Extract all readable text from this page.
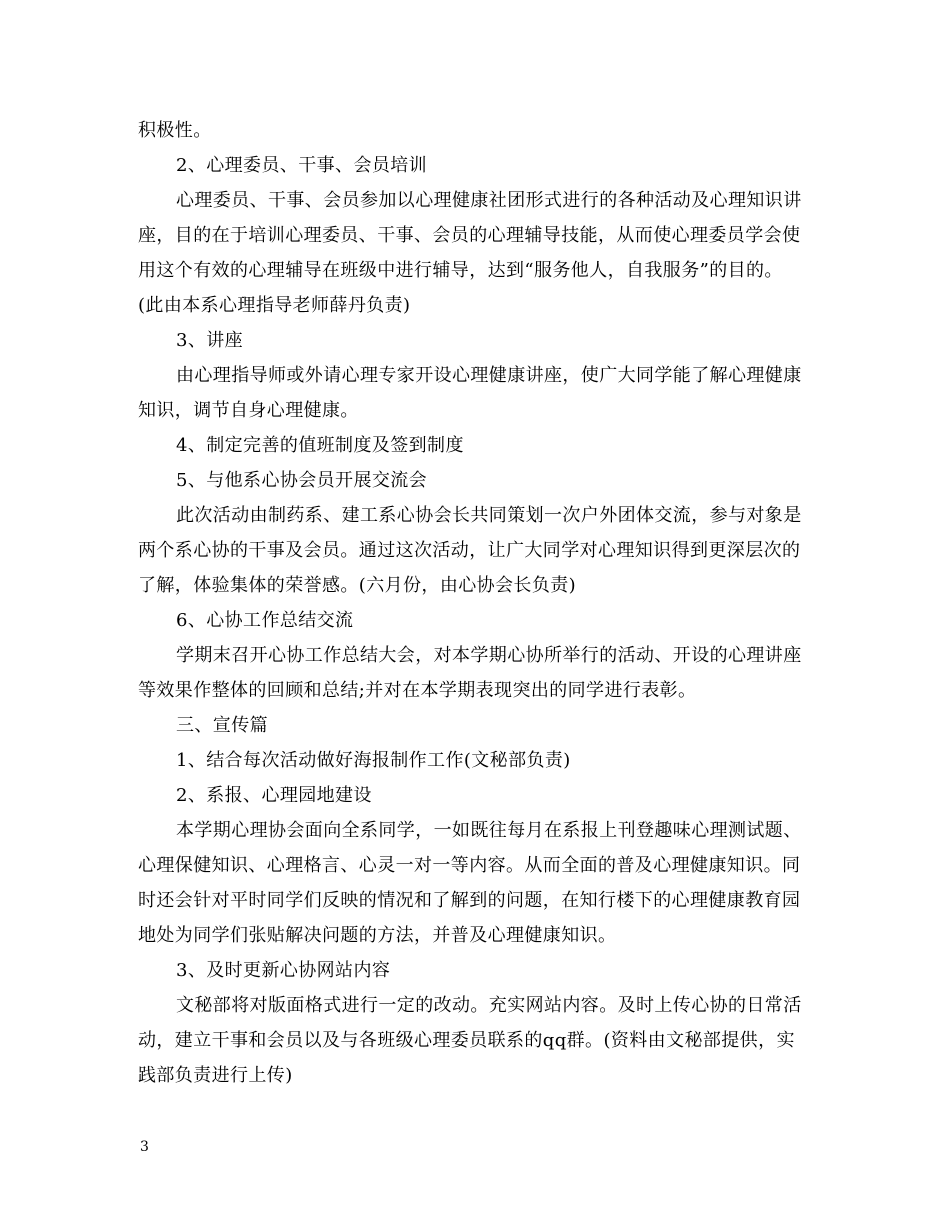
积极性。
2、心理委员、干事、会员培训
心理委员、干事、会员参加以心理健康社团形式进行的各种活动及心理知识讲
座，目的在于培训心理委员、干事、会员的心理辅导技能，从而使心理委员学会使
用这个有效的心理辅导在班级中进行辅导，达到“服务他人，自我服务”的目的。
(此由本系心理指导老师薛丹负责)
3、讲座
由心理指导师或外请心理专家开设心理健康讲座，使广大同学能了解心理健康
知识，调节自身心理健康。
4、制定完善的值班制度及签到制度
5、与他系心协会员开展交流会
此次活动由制药系、建工系心协会长共同策划一次户外团体交流，参与对象是
两个系心协的干事及会员。通过这次活动，让广大同学对心理知识得到更深层次的
了解，体验集体的荣誉感。(六月份，由心协会长负责)
6、心协工作总结交流
学期末召开心协工作总结大会，对本学期心协所举行的活动、开设的心理讲座
等效果作整体的回顾和总结;并对在本学期表现突出的同学进行表彰。
三、宣传篇
1、结合每次活动做好海报制作工作(文秘部负责)
2、系报、心理园地建设
本学期心理协会面向全系同学，一如既往每月在系报上刊登趣味心理测试题、
心理保健知识、心理格言、心灵一对一等内容。从而全面的普及心理健康知识。同
时还会针对平时同学们反映的情况和了解到的问题，在知行楼下的心理健康教育园
地处为同学们张贴解决问题的方法，并普及心理健康知识。
3、及时更新心协网站内容
文秘部将对版面格式进行一定的改动。充实网站内容。及时上传心协的日常活
动，建立干事和会员以及与各班级心理委员联系的qq群。(资料由文秘部提供，实
践部负责进行上传)
3
